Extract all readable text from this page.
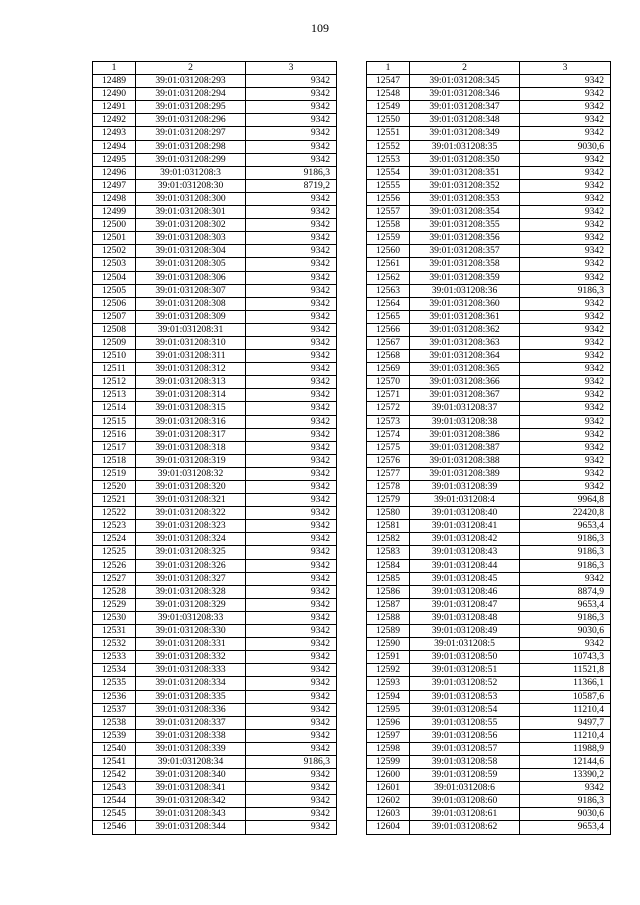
109
1	2	3
12489	39:01:031208:293	9342
12490	39:01:031208:294	9342
12491	39:01:031208:295	9342
12492	39:01:031208:296	9342
12493	39:01:031208:297	9342
12494	39:01:031208:298	9342
12495	39:01:031208:299	9342
12496	39:01:031208:3	9186,3
12497	39:01:031208:30	8719,2
12498	39:01:031208:300	9342
12499	39:01:031208:301	9342
12500	39:01:031208:302	9342
12501	39:01:031208:303	9342
12502	39:01:031208:304	9342
12503	39:01:031208:305	9342
12504	39:01:031208:306	9342
12505	39:01:031208:307	9342
12506	39:01:031208:308	9342
12507	39:01:031208:309	9342
12508	39:01:031208:31	9342
12509	39:01:031208:310	9342
12510	39:01:031208:311	9342
12511	39:01:031208:312	9342
12512	39:01:031208:313	9342
12513	39:01:031208:314	9342
12514	39:01:031208:315	9342
12515	39:01:031208:316	9342
12516	39:01:031208:317	9342
12517	39:01:031208:318	9342
12518	39:01:031208:319	9342
12519	39:01:031208:32	9342
12520	39:01:031208:320	9342
12521	39:01:031208:321	9342
12522	39:01:031208:322	9342
12523	39:01:031208:323	9342
12524	39:01:031208:324	9342
12525	39:01:031208:325	9342
12526	39:01:031208:326	9342
12527	39:01:031208:327	9342
12528	39:01:031208:328	9342
12529	39:01:031208:329	9342
12530	39:01:031208:33	9342
12531	39:01:031208:330	9342
12532	39:01:031208:331	9342
12533	39:01:031208:332	9342
12534	39:01:031208:333	9342
12535	39:01:031208:334	9342
12536	39:01:031208:335	9342
12537	39:01:031208:336	9342
12538	39:01:031208:337	9342
12539	39:01:031208:338	9342
12540	39:01:031208:339	9342
12541	39:01:031208:34	9186,3
12542	39:01:031208:340	9342
12543	39:01:031208:341	9342
12544	39:01:031208:342	9342
12545	39:01:031208:343	9342
12546	39:01:031208:344	9342
1	2	3
12547	39:01:031208:345	9342
12548	39:01:031208:346	9342
12549	39:01:031208:347	9342
12550	39:01:031208:348	9342
12551	39:01:031208:349	9342
12552	39:01:031208:35	9030,6
12553	39:01:031208:350	9342
12554	39:01:031208:351	9342
12555	39:01:031208:352	9342
12556	39:01:031208:353	9342
12557	39:01:031208:354	9342
12558	39:01:031208:355	9342
12559	39:01:031208:356	9342
12560	39:01:031208:357	9342
12561	39:01:031208:358	9342
12562	39:01:031208:359	9342
12563	39:01:031208:36	9186,3
12564	39:01:031208:360	9342
12565	39:01:031208:361	9342
12566	39:01:031208:362	9342
12567	39:01:031208:363	9342
12568	39:01:031208:364	9342
12569	39:01:031208:365	9342
12570	39:01:031208:366	9342
12571	39:01:031208:367	9342
12572	39:01:031208:37	9342
12573	39:01:031208:38	9342
12574	39:01:031208:386	9342
12575	39:01:031208:387	9342
12576	39:01:031208:388	9342
12577	39:01:031208:389	9342
12578	39:01:031208:39	9342
12579	39:01:031208:4	9964,8
12580	39:01:031208:40	22420,8
12581	39:01:031208:41	9653,4
12582	39:01:031208:42	9186,3
12583	39:01:031208:43	9186,3
12584	39:01:031208:44	9186,3
12585	39:01:031208:45	9342
12586	39:01:031208:46	8874,9
12587	39:01:031208:47	9653,4
12588	39:01:031208:48	9186,3
12589	39:01:031208:49	9030,6
12590	39:01:031208:5	9342
12591	39:01:031208:50	10743,3
12592	39:01:031208:51	11521,8
12593	39:01:031208:52	11366,1
12594	39:01:031208:53	10587,6
12595	39:01:031208:54	11210,4
12596	39:01:031208:55	9497,7
12597	39:01:031208:56	11210,4
12598	39:01:031208:57	11988,9
12599	39:01:031208:58	12144,6
12600	39:01:031208:59	13390,2
12601	39:01:031208:6	9342
12602	39:01:031208:60	9186,3
12603	39:01:031208:61	9030,6
12604	39:01:031208:62	9653,4
